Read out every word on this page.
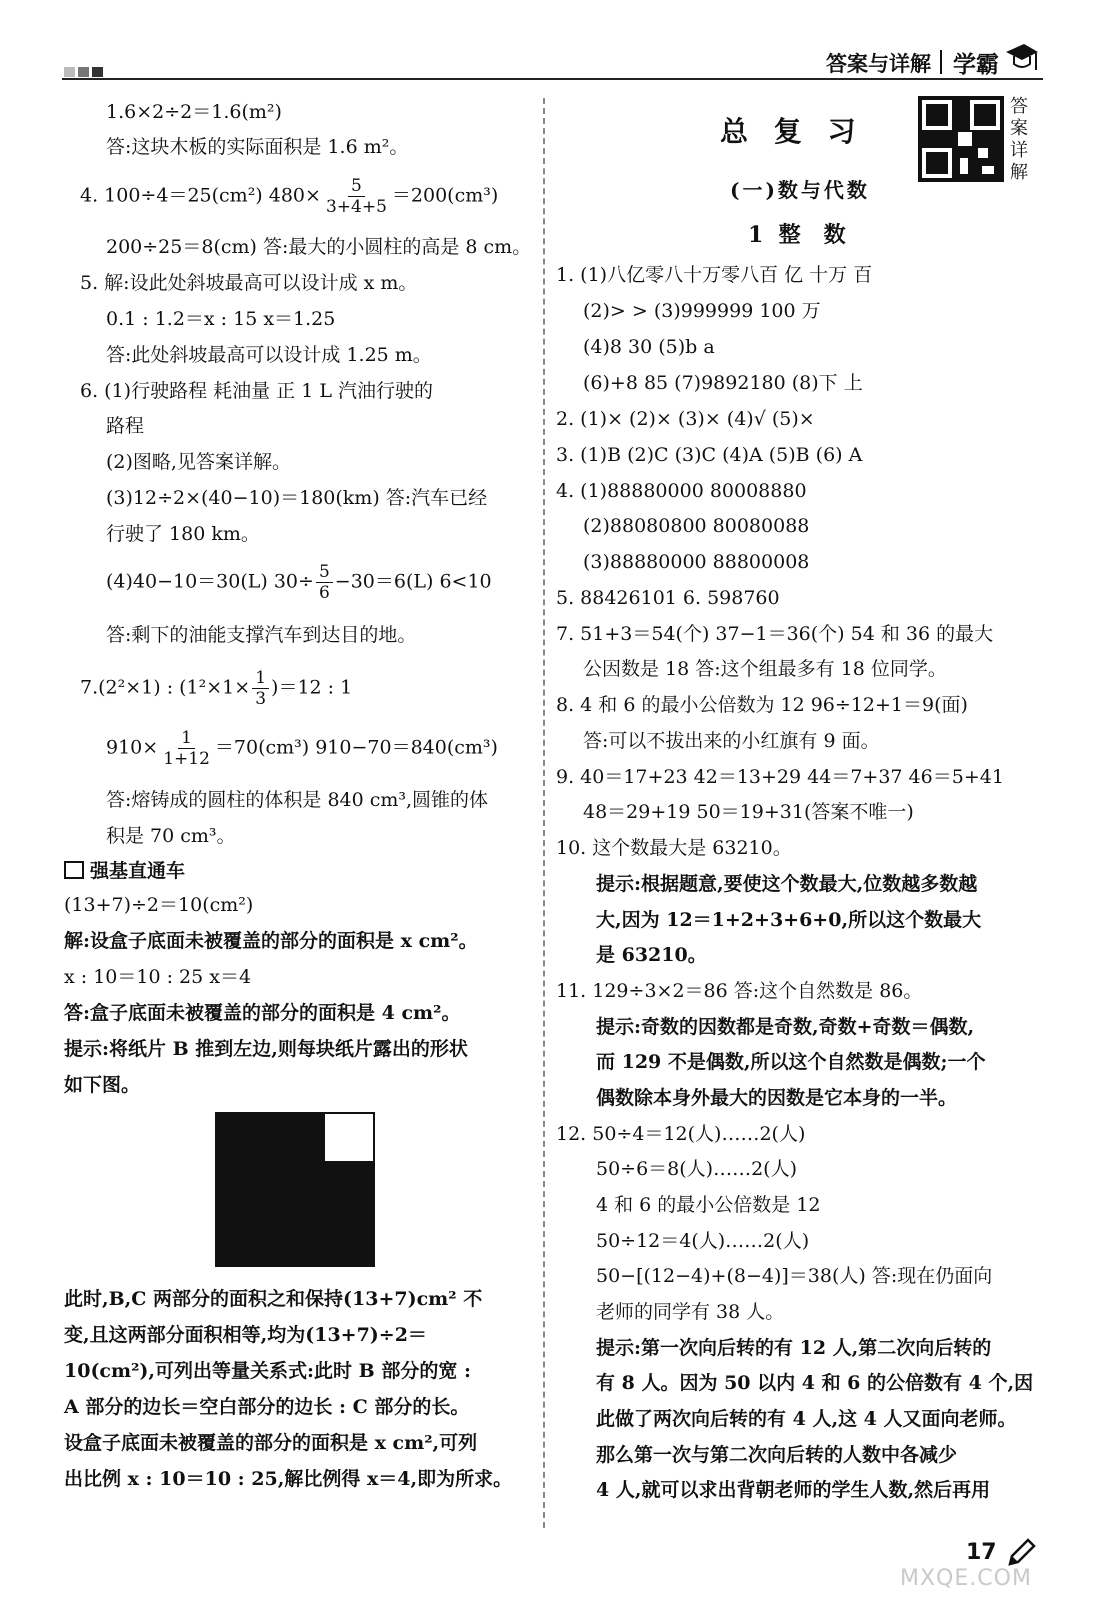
答案与详解 学霸
1.6×2÷2＝1.6(m²)
答:这块木板的实际面积是 1.6 m²。
4. 100÷4＝25(cm²) $480\times \frac{5}{3+4+5} =200(cm^3)$
200÷25＝8(cm) 答:最大的小圆柱的高是 8 cm。
5. 解:设此处斜坡最高可以设计成 x m。
0.1 : 1.2＝x : 15 x＝1.25
答:此处斜坡最高可以设计成 1.25 m。
6. (1)行驶路程 耗油量 正 1 L 汽油行驶的
路程
(2)图略,见答案详解。
(3)12÷2×(40−10)＝180(km) 答:汽车已经
行驶了 180 km。
(4)40−10＝30(L) $30\div \frac{5}{6} -30=6(L)$ 6<10
答:剩下的油能支撑汽车到达目的地。
7.(2²×1) : $(1^2\times 1\times \frac{1}{3} )=12$ : 1
$910\times \frac{1}{1+12} =70(cm^3)$ 910−70＝840(cm³)
答:熔铸成的圆柱的体积是 840 cm³,圆锥的体
积是 70 cm³。
强基直通车
(13+7)÷2＝10(cm²)
解:设盒子底面未被覆盖的部分的面积是 x cm²。
x : 10＝10 : 25 x＝4
答:盒子底面未被覆盖的部分的面积是 4 cm²。
提示:将纸片 B 推到左边,则每块纸片露出的形状
如下图。
此时,B,C 两部分的面积之和保持(13+7)cm² 不
变,且这两部分面积相等,均为(13+7)÷2＝
10(cm²),可列出等量关系式:此时 B 部分的宽 :
A 部分的边长＝空白部分的边长 : C 部分的长。
设盒子底面未被覆盖的部分的面积是 x cm²,可列
出比例 x : 10＝10 : 25,解比例得 x＝4,即为所求。
总 复 习
答案详解
(一)数与代数
1  整   数
1. (1)八亿零八十万零八百 亿 十万 百
(2)> > (3)999999 100 万
(4)8 30 (5)b a
(6)+8 85 (7)9892180 (8)下 上
2. (1)× (2)× (3)× (4)√ (5)×
3. (1)B (2)C (3)C (4)A (5)B (6) A
4. (1)88880000 80008880
(2)88080800 80080088
(3)88880000 88800008
5. 88426101 6. 598760
7. 51+3＝54(个) 37−1＝36(个) 54 和 36 的最大
公因数是 18 答:这个组最多有 18 位同学。
8. 4 和 6 的最小公倍数为 12 96÷12+1＝9(面)
答:可以不拔出来的小红旗有 9 面。
9. 40＝17+23 42＝13+29 44＝7+37 46＝5+41
48＝29+19 50＝19+31(答案不唯一)
10. 这个数最大是 63210。
提示:根据题意,要使这个数最大,位数越多数越
大,因为 12＝1+2+3+6+0,所以这个数最大
是 63210。
11. 129÷3×2＝86 答:这个自然数是 86。
提示:奇数的因数都是奇数,奇数+奇数＝偶数,
而 129 不是偶数,所以这个自然数是偶数;一个
偶数除本身外最大的因数是它本身的一半。
12. 50÷4＝12(人)……2(人)
50÷6＝8(人)……2(人)
4 和 6 的最小公倍数是 12
50÷12＝4(人)……2(人)
50−[(12−4)+(8−4)]＝38(人) 答:现在仍面向
老师的同学有 38 人。
提示:第一次向后转的有 12 人,第二次向后转的
有 8 人。因为 50 以内 4 和 6 的公倍数有 4 个,因
此做了两次向后转的有 4 人,这 4 人又面向老师。
那么第一次与第二次向后转的人数中各减少
4 人,就可以求出背朝老师的学生人数,然后再用
17
MXQE.COM
